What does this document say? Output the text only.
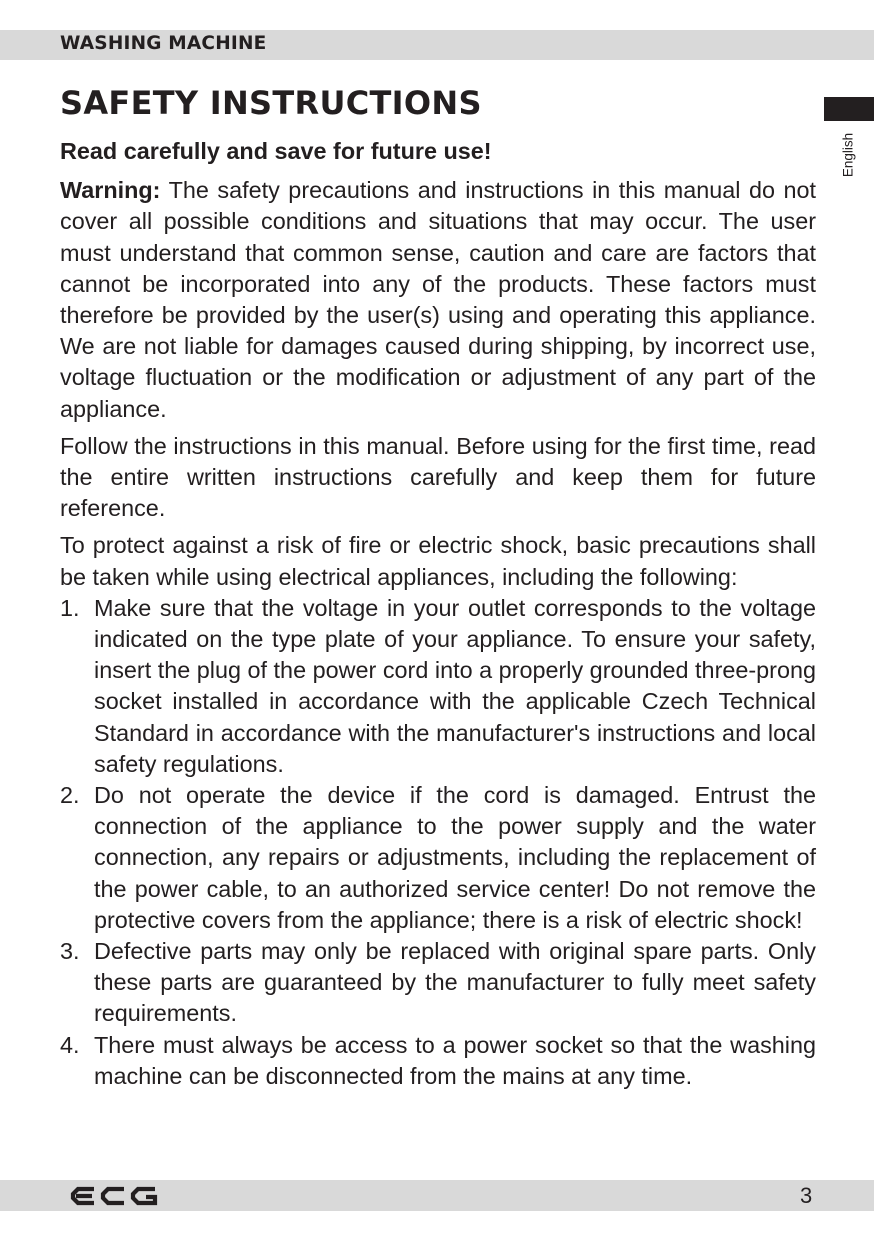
WASHING MACHINE
English
SAFETY INSTRUCTIONS

Read carefully and save for future use!

Warning: The safety precautions and instructions in this manual do not cover all possible conditions and situations that may occur. The user must understand that common sense, caution and care are factors that cannot be incorporated into any of the products. These factors must therefore be provided by the user(s) using and operating this appliance. We are not liable for damages caused during shipping, by incorrect use, voltage fluctuation or the modification or adjustment of any part of the appliance.

Follow the instructions in this manual. Before using for the first time, read the entire written instructions carefully and keep them for future reference.

To protect against a risk of fire or electric shock, basic precautions shall be taken while using electrical appliances, including the following:

1. Make sure that the voltage in your outlet corresponds to the voltage indicated on the type plate of your appliance. To ensure your safety, insert the plug of the power cord into a properly grounded three-prong socket installed in accordance with the applicable Czech Technical Standard in accordance with the manufacturer's instructions and local safety regulations.
2. Do not operate the device if the cord is damaged. Entrust the connection of the appliance to the power supply and the water connection, any repairs or adjustments, including the replacement of the power cable, to an authorized service center! Do not remove the protective covers from the appliance; there is a risk of electric shock!
3. Defective parts may only be replaced with original spare parts. Only these parts are guaranteed by the manufacturer to fully meet safety requirements.
4. There must always be access to a power socket so that the washing machine can be disconnected from the mains at any time.
3
